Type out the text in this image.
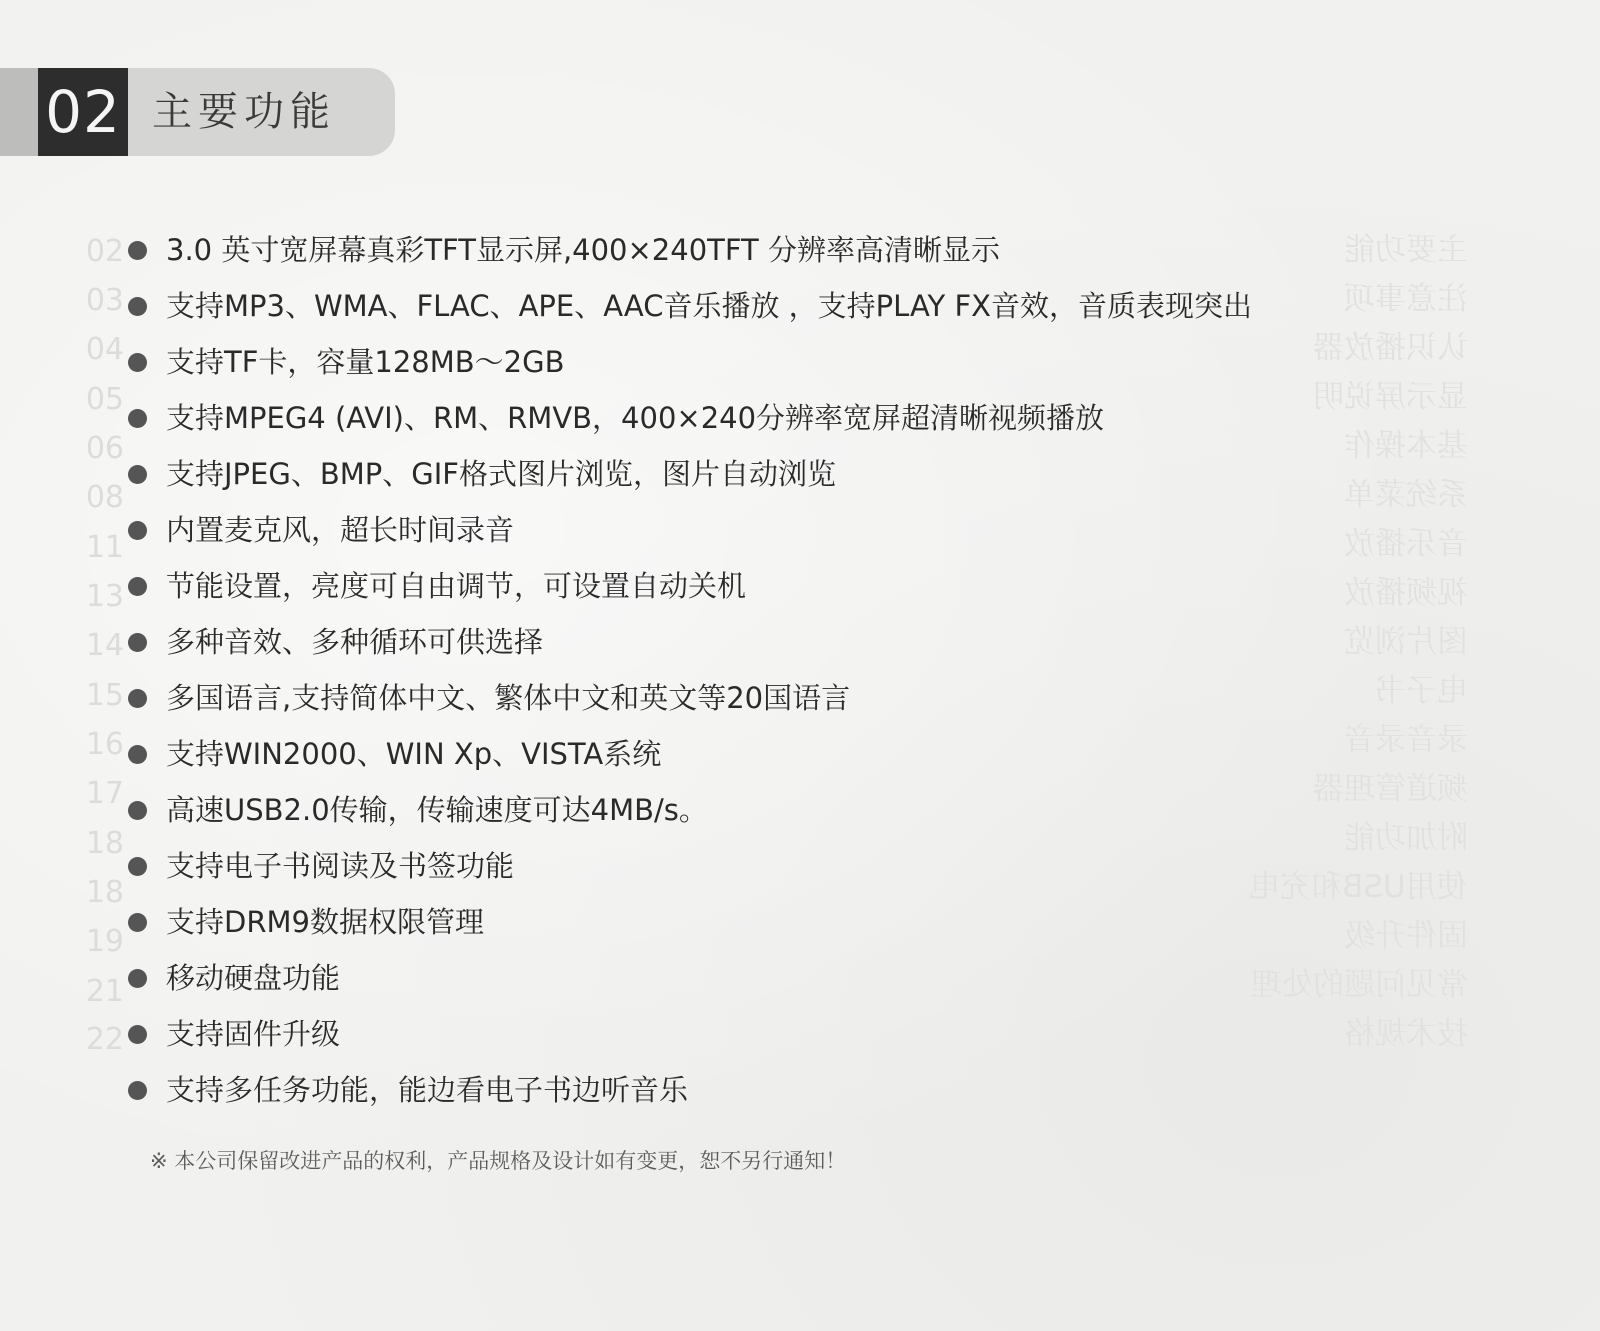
02 主要功能
02
03
04
05
06
08
11
13
14
15
16
17
18
18
19
21
22
主要功能
注意事项
认识播放器
显示屏说明
基本操作
系统菜单
音乐播放
视频播放
图片浏览
电子书
录音录音
频道管理器
附加功能
使用USB和充电
固件升级
常见问题的处理
技术规格
3.0 英寸宽屏幕真彩TFT显示屏,400×240TFT 分辨率高清晰显示
支持MP3、WMA、FLAC、APE、AAC音乐播放 ，支持PLAY FX音效，音质表现突出
支持TF卡，容量128MB～2GB
支持MPEG4 (AVI)、RM、RMVB，400×240分辨率宽屏超清晰视频播放
支持JPEG、BMP、GIF格式图片浏览，图片自动浏览
内置麦克风，超长时间录音
节能设置，亮度可自由调节，可设置自动关机
多种音效、多种循环可供选择
多国语言,支持简体中文、繁体中文和英文等20国语言
支持WIN2000、WIN Xp、VISTA系统
高速USB2.0传输，传输速度可达4MB/s。
支持电子书阅读及书签功能
支持DRM9数据权限管理
移动硬盘功能
支持固件升级
支持多任务功能，能边看电子书边听音乐
※ 本公司保留改进产品的权利，产品规格及设计如有变更，恕不另行通知！
